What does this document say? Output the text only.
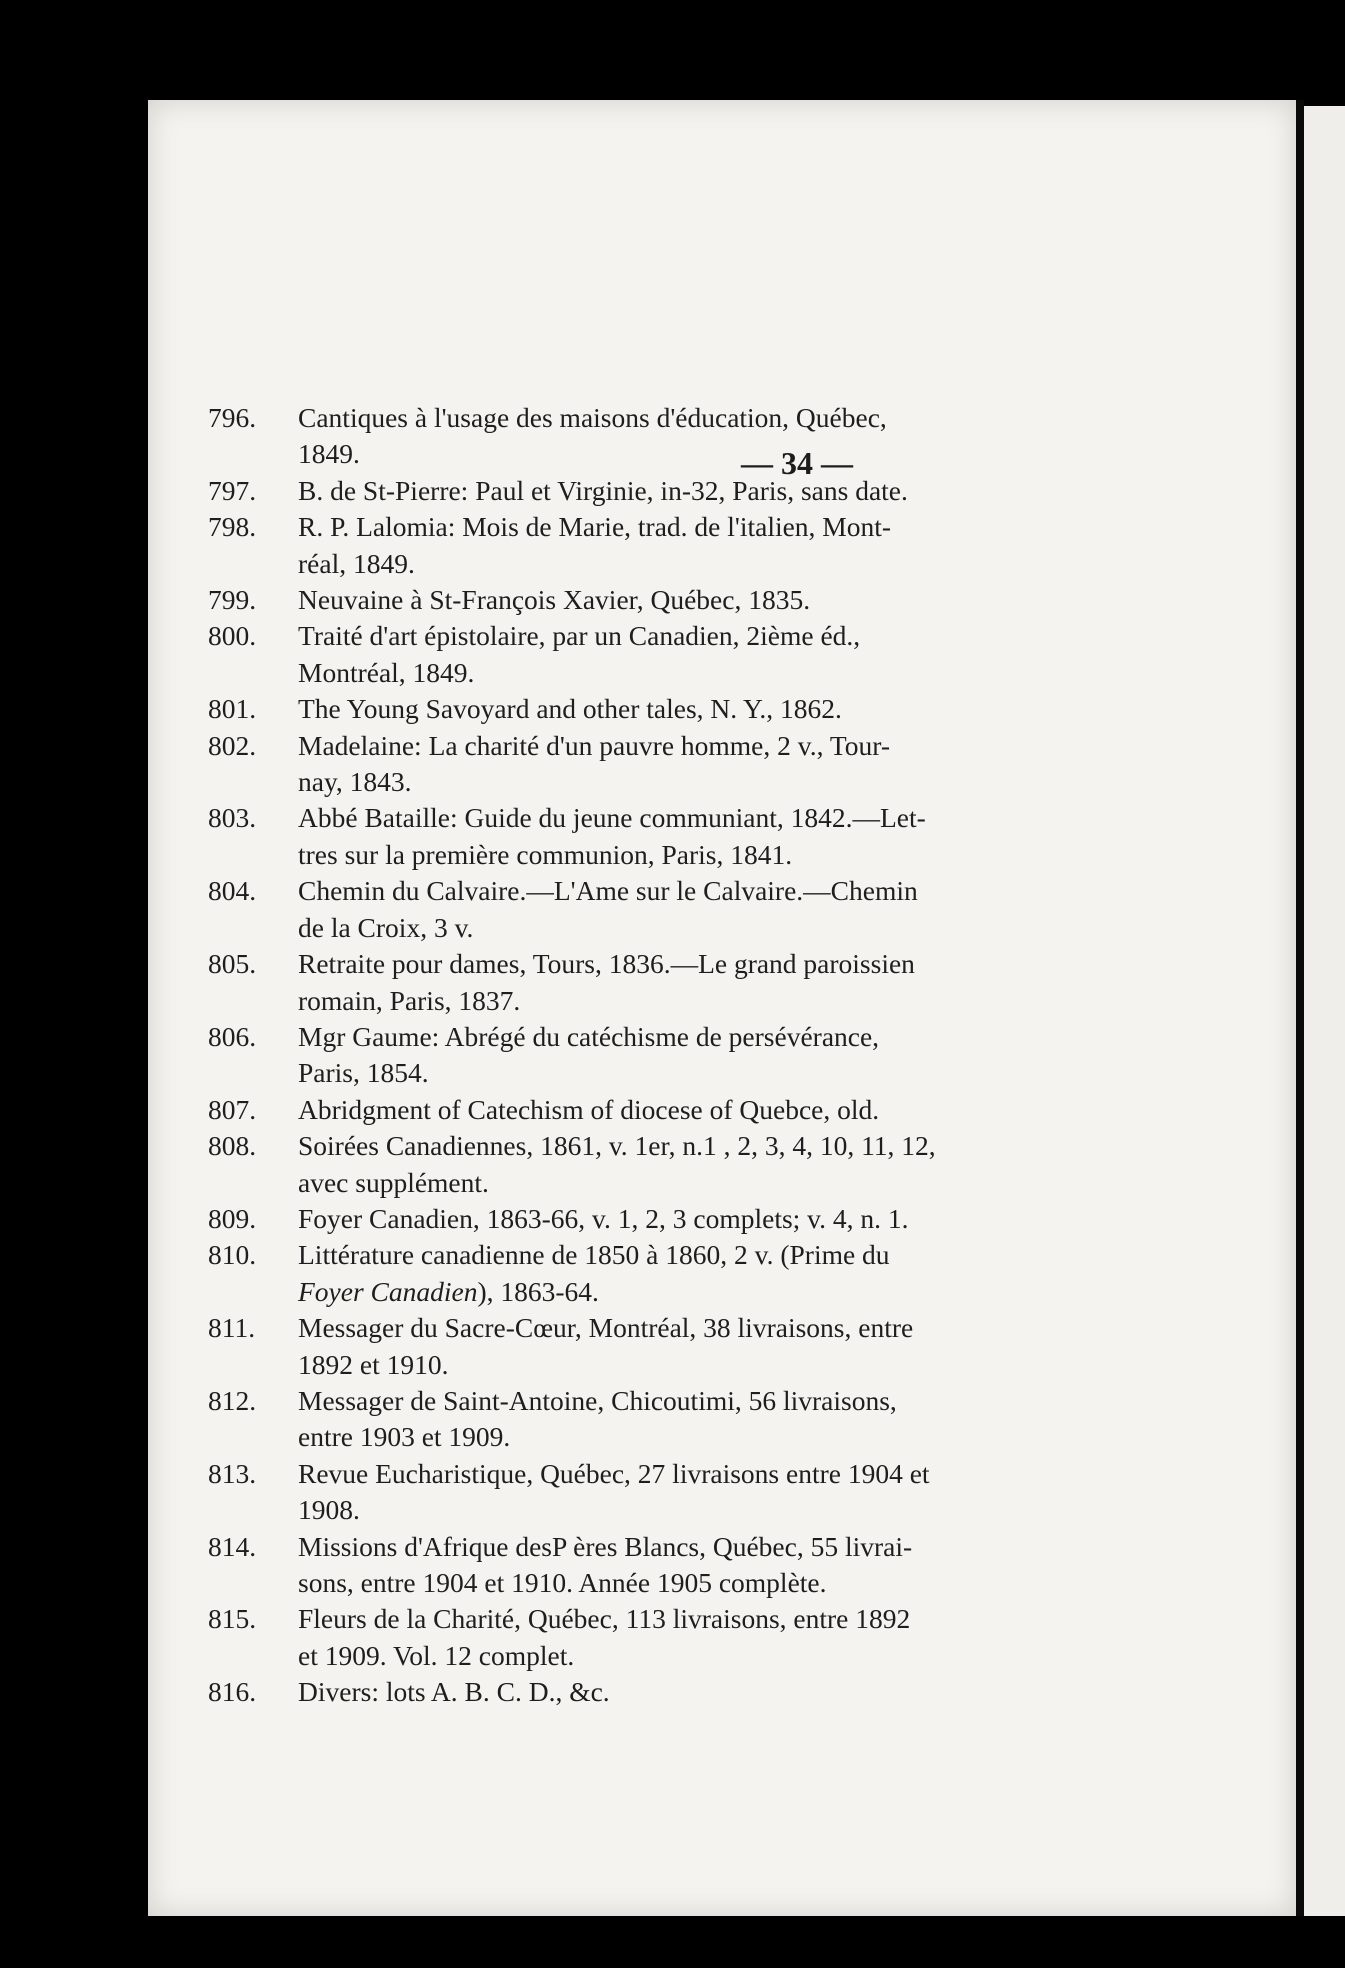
— 34 —
796.	Cantiques à l'usage des maisons d'éducation, Québec,
1849.
797.	B. de St-Pierre: Paul et Virginie, in-32, Paris, sans date.
798.	R. P. Lalomia: Mois de Marie, trad. de l'italien, Mont-
réal, 1849.
799.	Neuvaine à St-François Xavier, Québec, 1835.
800.	Traité d'art épistolaire, par un Canadien, 2ième éd.,
Montréal, 1849.
801.	The Young Savoyard and other tales, N. Y., 1862.
802.	Madelaine: La charité d'un pauvre homme, 2 v., Tour-
nay, 1843.
803.	Abbé Bataille: Guide du jeune communiant, 1842.—Let-
tres sur la première communion, Paris, 1841.
804.	Chemin du Calvaire.—L'Ame sur le Calvaire.—Chemin
de la Croix, 3 v.
805.	Retraite pour dames, Tours, 1836.—Le grand paroissien
romain, Paris, 1837.
806.	Mgr Gaume: Abrégé du catéchisme de persévérance,
Paris, 1854.
807.	Abridgment of Catechism of diocese of Quebce, old.
808.	Soirées Canadiennes, 1861, v. 1er, n.1 , 2, 3, 4, 10, 11, 12,
avec supplément.
809.	Foyer Canadien, 1863-66, v. 1, 2, 3 complets; v. 4, n. 1.
810.	Littérature canadienne de 1850 à 1860, 2 v. (Prime du
Foyer Canadien), 1863-64.
811.	Messager du Sacre-Cœur, Montréal, 38 livraisons, entre
1892 et 1910.
812.	Messager de Saint-Antoine, Chicoutimi, 56 livraisons,
entre 1903 et 1909.
813.	Revue Eucharistique, Québec, 27 livraisons entre 1904 et
1908.
814.	Missions d'Afrique desP ères Blancs, Québec, 55 livrai-
sons, entre 1904 et 1910. Année 1905 complète.
815.	Fleurs de la Charité, Québec, 113 livraisons, entre 1892
et 1909. Vol. 12 complet.
816.	Divers: lots A. B. C. D., &c.
